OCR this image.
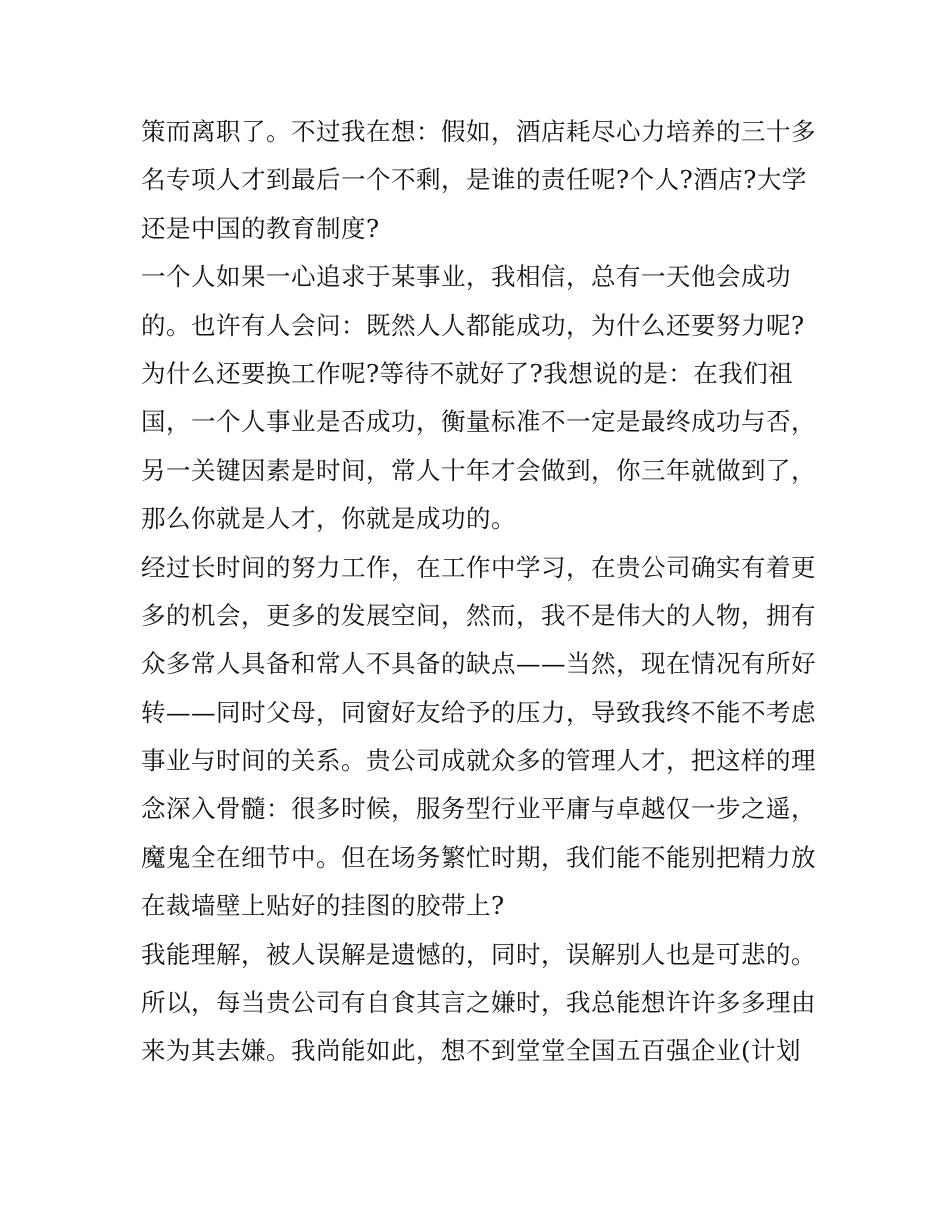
策而离职了。不过我在想：假如，酒店耗尽心力培养的三十多
名专项人才到最后一个不剩，是谁的责任呢?个人?酒店?大学
还是中国的教育制度?
一个人如果一心追求于某事业，我相信，总有一天他会成功
的。也许有人会问：既然人人都能成功，为什么还要努力呢?
为什么还要换工作呢?等待不就好了?我想说的是：在我们祖
国，一个人事业是否成功，衡量标准不一定是最终成功与否，
另一关键因素是时间，常人十年才会做到，你三年就做到了，
那么你就是人才，你就是成功的。
经过长时间的努力工作，在工作中学习，在贵公司确实有着更
多的机会，更多的发展空间，然而，我不是伟大的人物，拥有
众多常人具备和常人不具备的缺点——当然，现在情况有所好
转——同时父母，同窗好友给予的压力，导致我终不能不考虑
事业与时间的关系。贵公司成就众多的管理人才，把这样的理
念深入骨髓：很多时候，服务型行业平庸与卓越仅一步之遥，
魔鬼全在细节中。但在场务繁忙时期，我们能不能别把精力放
在裁墙壁上贴好的挂图的胶带上?
我能理解，被人误解是遗憾的，同时，误解别人也是可悲的。
所以，每当贵公司有自食其言之嫌时，我总能想许许多多理由
来为其去嫌。我尚能如此，想不到堂堂全国五百强企业(计划
